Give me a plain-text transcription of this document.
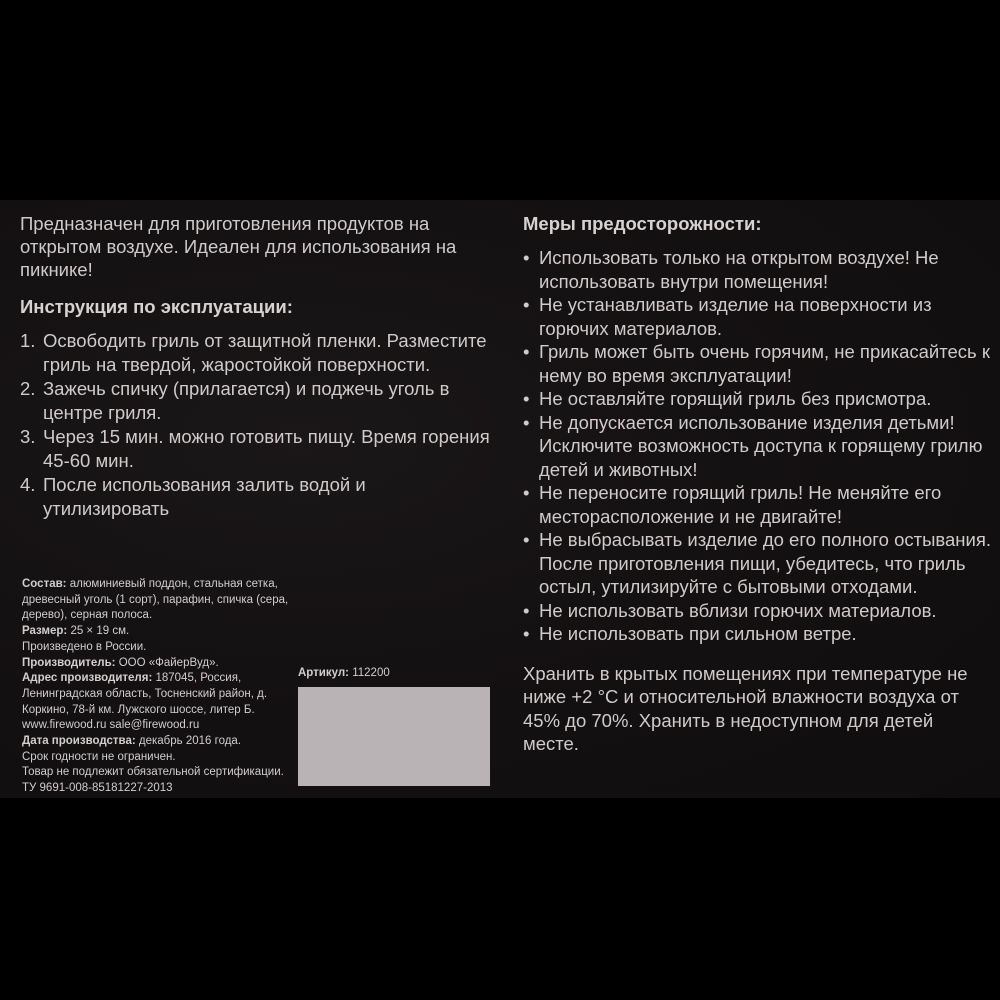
Предназначен для приготовления продуктов на открытом воздухе. Идеален для использования на пикнике!

Инструкция по эксплуатации:
1. Освободить гриль от защитной пленки. Разместите гриль на твердой, жаростойкой поверхности.
2. Зажечь спичку (прилагается) и поджечь уголь в центре гриля.
3. Через 15 мин. можно готовить пищу. Время горения 45-60 мин.
4. После использования залить водой и утилизировать

Состав: алюминиевый поддон, стальная сетка, древесный уголь (1 сорт), парафин, спичка (сера, дерево), серная полоса.

Размер: 25 × 19 см.

Произведено в России.

Производитель: ООО «ФайерВуд».

Адрес производителя: 187045, Россия, Ленинградская область, Тосненский район, д. Коркино, 78-й км. Лужского шоссе, литер Б.

www.firewood.ru sale@firewood.ru

Дата производства: декабрь 2016 года.

Срок годности не ограничен.

Товар не подлежит обязательной сертификации.

ТУ 9691-008-85181227-2013

Артикул: 112200
Меры предосторожности:
• Использовать только на открытом воздухе! Не использовать внутри помещения!
• Не устанавливать изделие на поверхности из горючих материалов.
• Гриль может быть очень горячим, не прикасайтесь к нему во время эксплуатации!
• Не оставляйте горящий гриль без присмотра.
• Не допускается использование изделия детьми! Исключите возможность доступа к горящему грилю детей и животных!
• Не переносите горящий гриль! Не меняйте его месторасположение и не двигайте!
• Не выбрасывать изделие до его полного остывания. После приготовления пищи, убедитесь, что гриль остыл, утилизируйте с бытовыми отходами.
• Не использовать вблизи горючих материалов.
• Не использовать при сильном ветре.
Хранить в крытых помещениях при температуре не ниже +2 °С и относительной влажности воздуха от 45% до 70%. Хранить в недоступном для детей месте.
